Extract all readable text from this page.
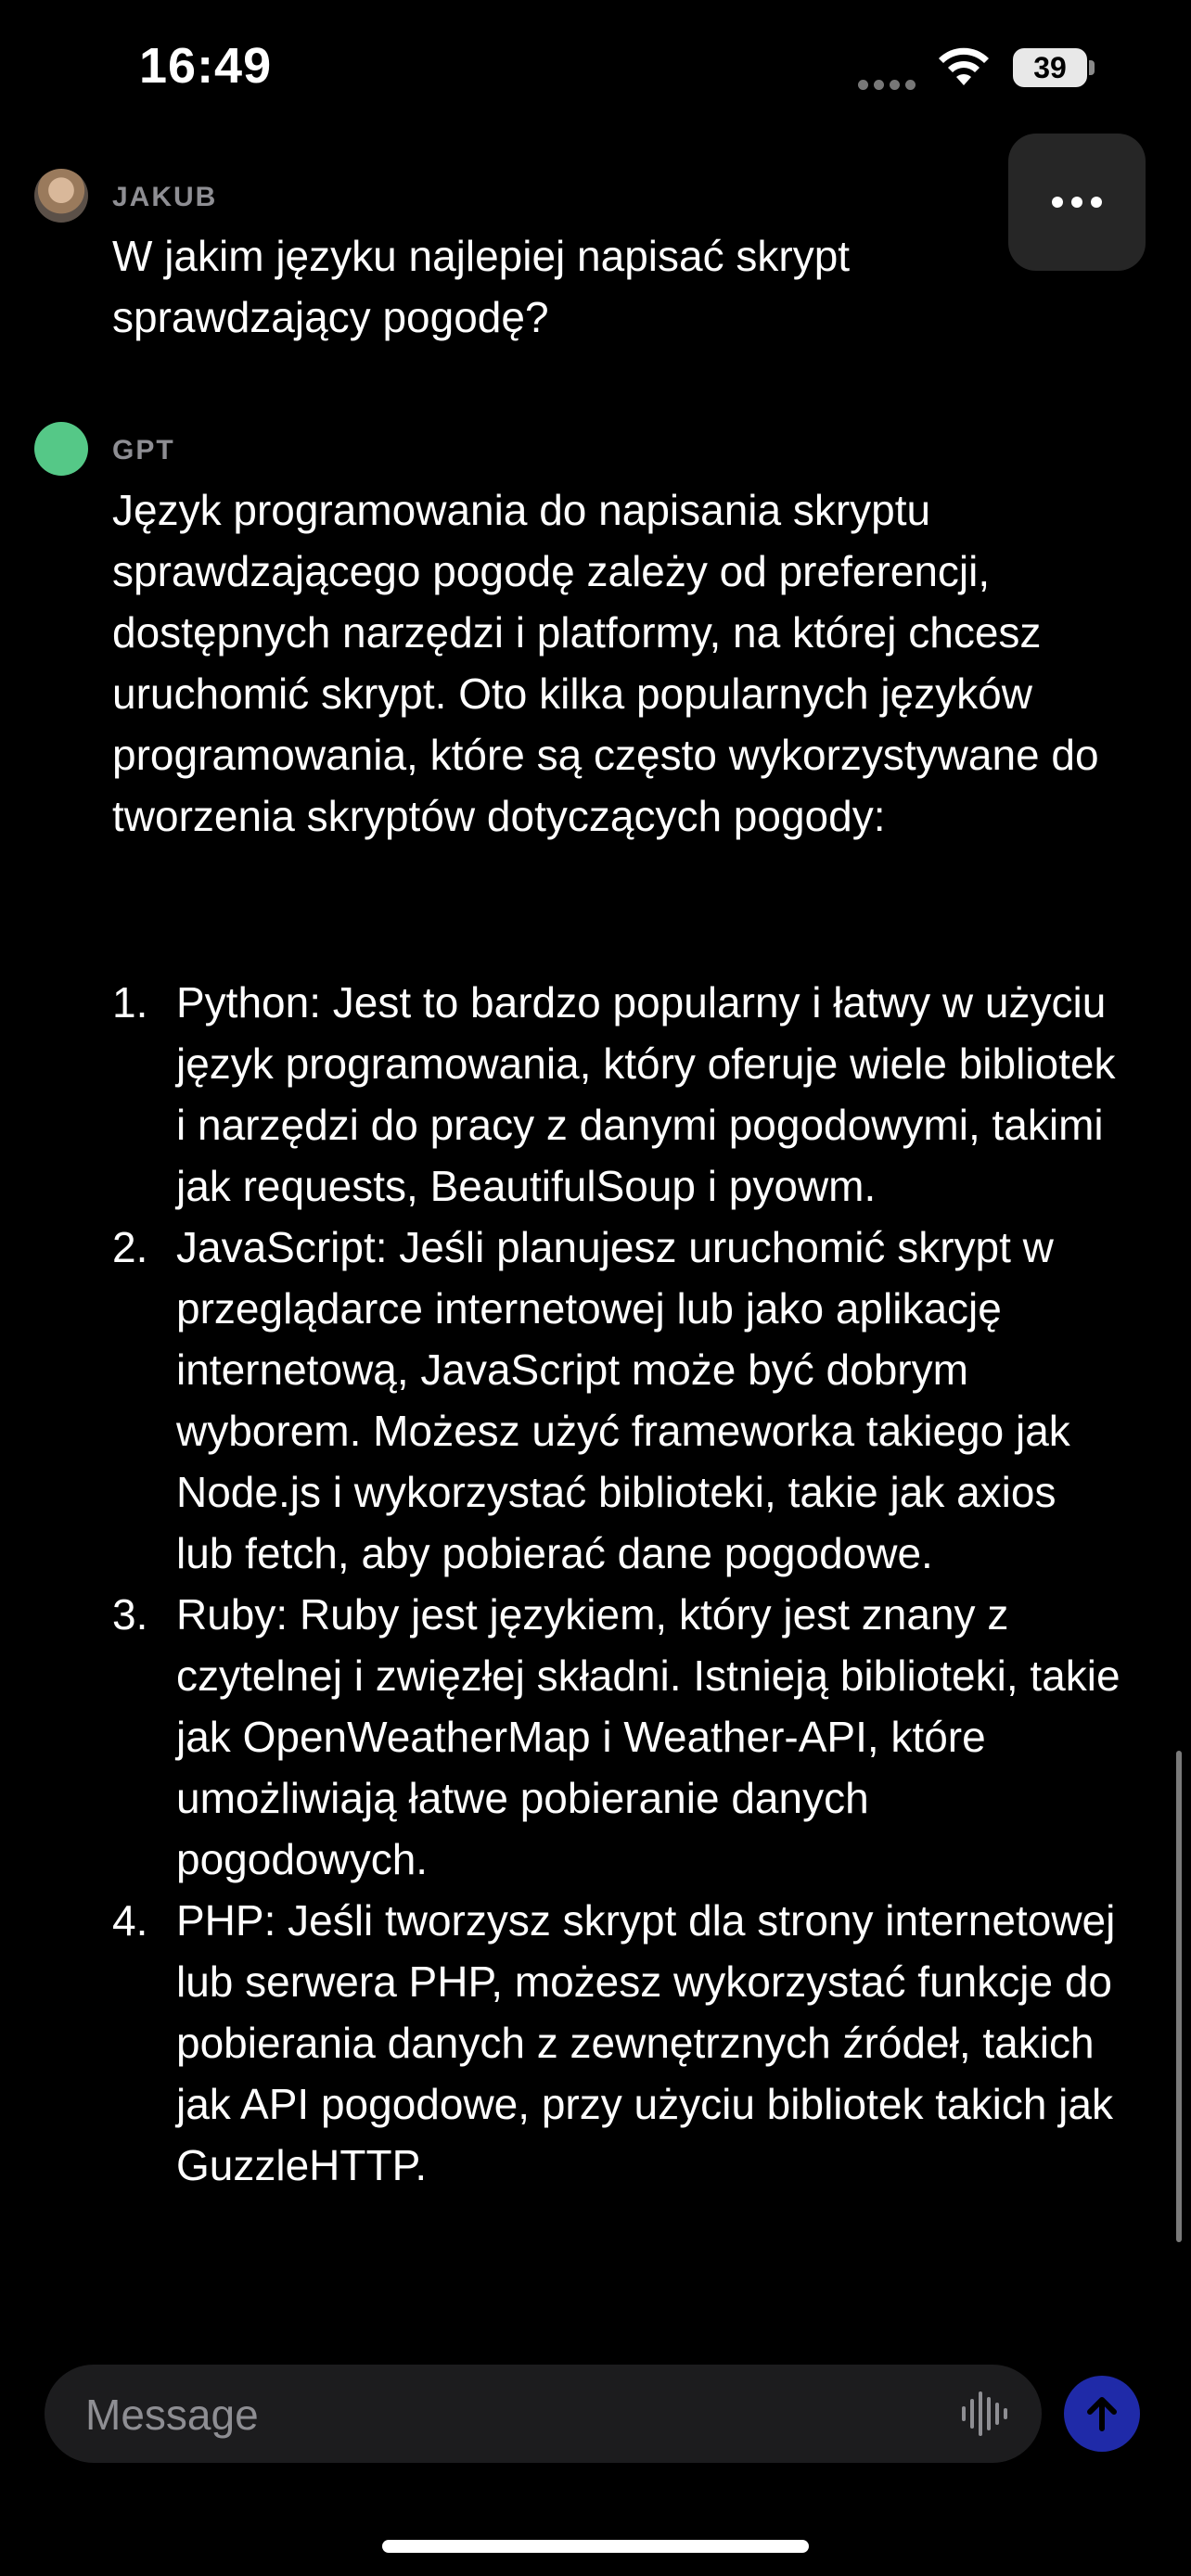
16:49	39
JAKUB
W jakim języku najlepiej napisać skrypt sprawdzający pogodę?
GPT
Język programowania do napisania skryptu sprawdzającego pogodę zależy od preferencji, dostępnych narzędzi i platformy, na której chcesz uruchomić skrypt. Oto kilka popularnych języków programowania, które są często wykorzystywane do tworzenia skryptów dotyczących pogody:
1. Python: Jest to bardzo popularny i łatwy w użyciu język programowania, który oferuje wiele bibliotek i narzędzi do pracy z danymi pogodowymi, takimi jak requests, BeautifulSoup i pyowm.
2. JavaScript: Jeśli planujesz uruchomić skrypt w przeglądarce internetowej lub jako aplikację internetową, JavaScript może być dobrym wyborem. Możesz użyć frameworka takiego jak Node.js i wykorzystać biblioteki, takie jak axios lub fetch, aby pobierać dane pogodowe.
3. Ruby: Ruby jest językiem, który jest znany z czytelnej i zwięzłej składni. Istnieją biblioteki, takie jak OpenWeatherMap i Weather-API, które umożliwiają łatwe pobieranie danych pogodowych.
4. PHP: Jeśli tworzysz skrypt dla strony internetowej lub serwera PHP, możesz wykorzystać funkcje do pobierania danych z zewnętrznych źródeł, takich jak API pogodowe, przy użyciu bibliotek takich jak GuzzleHTTP.
Message
